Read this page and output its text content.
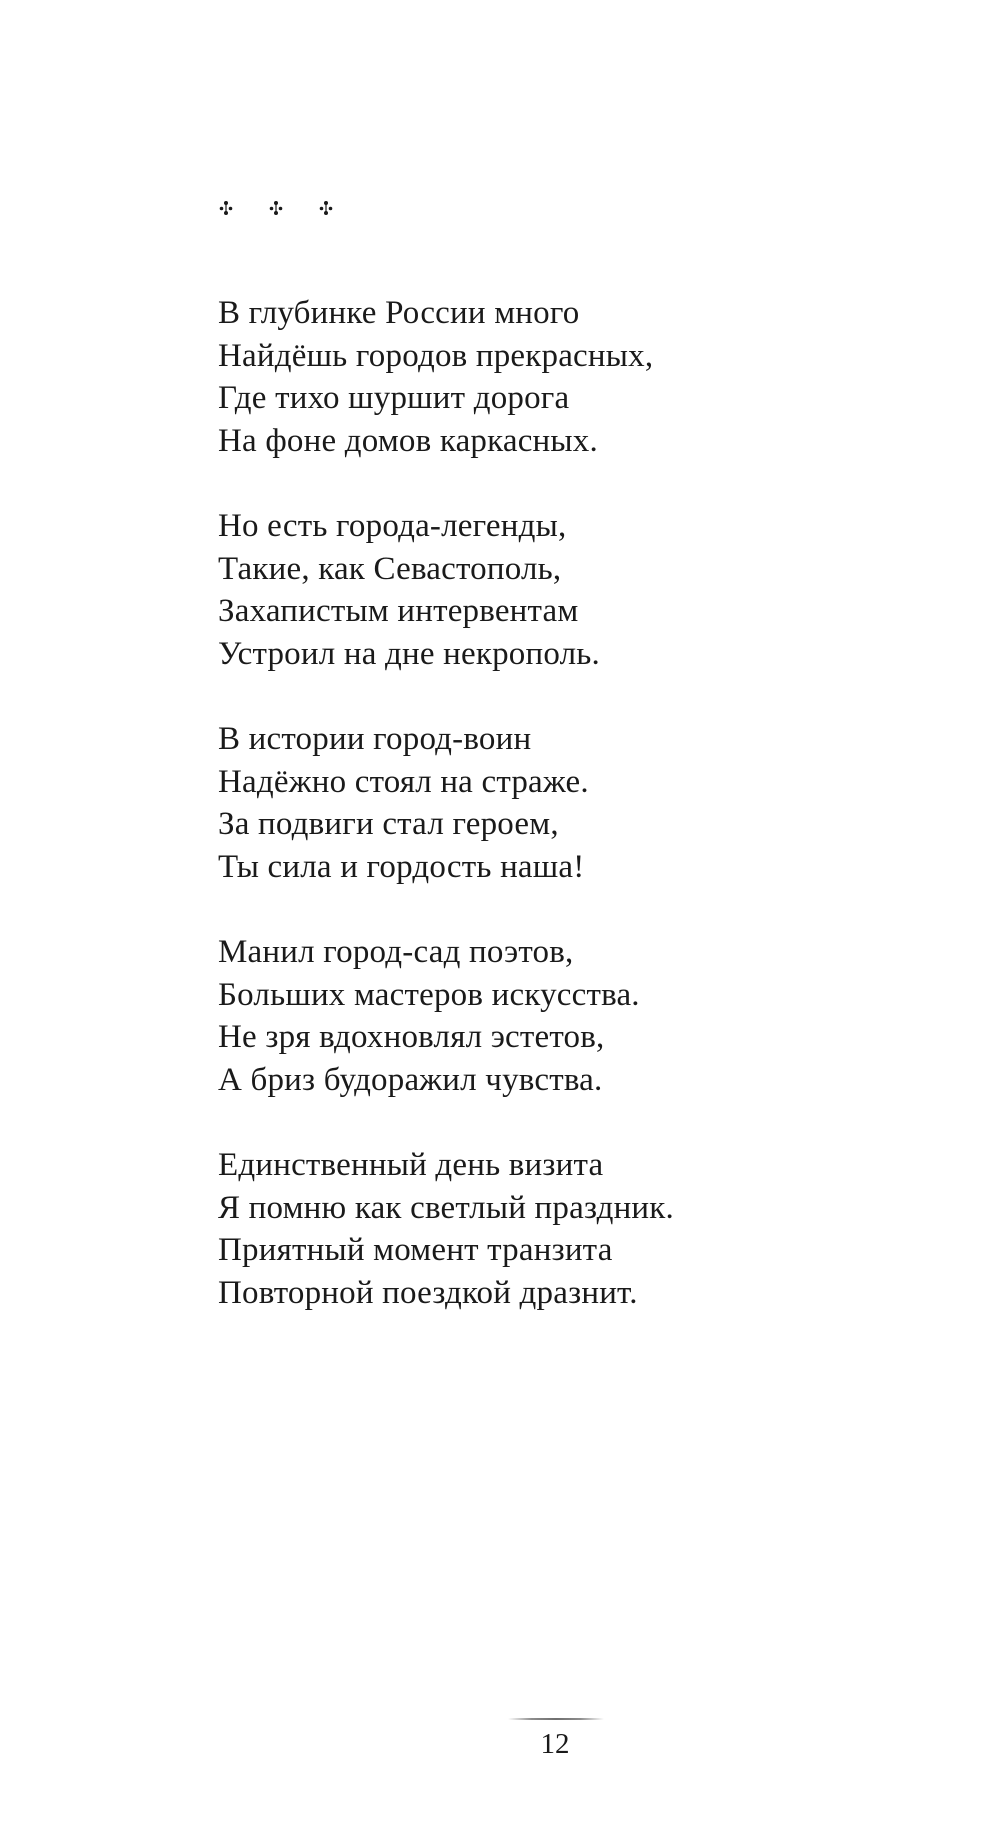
В глубинке России много
Найдёшь городов прекрасных,
Где тихо шуршит дорога
На фоне домов каркасных.
Но есть города-легенды,
Такие, как Севастополь,
Захапистым интервентам
Устроил на дне некрополь.
В истории город-воин
Надёжно стоял на страже.
За подвиги стал героем,
Ты сила и гордость наша!
Манил город-сад поэтов,
Больших мастеров искусства.
Не зря вдохновлял эстетов,
А бриз будоражил чувства.
Единственный день визита
Я помню как светлый праздник.
Приятный момент транзита
Повторной поездкой дразнит.
12
